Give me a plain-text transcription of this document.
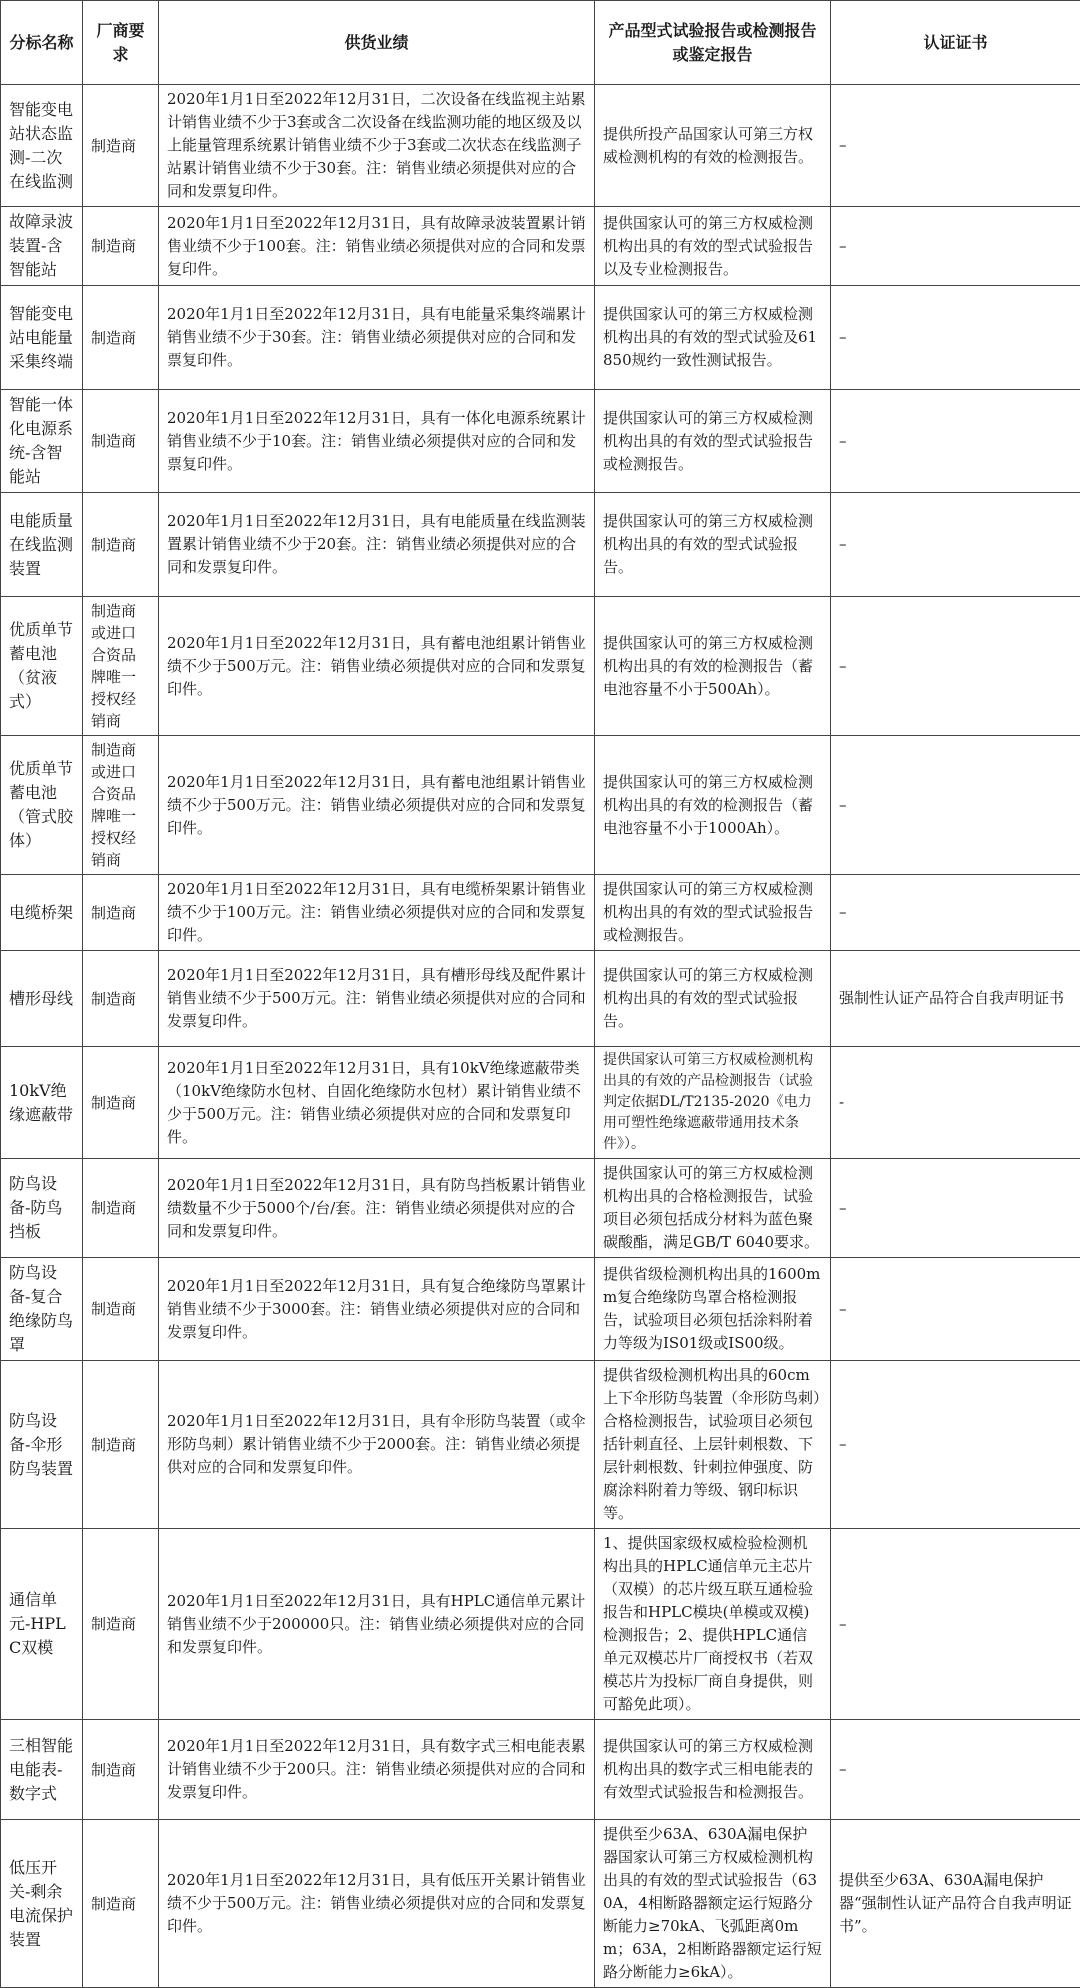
分标名称	厂商要求	供货业绩	产品型式试验报告或检测报告或鉴定报告	认证证书
智能变电站状态监测-二次在线监测	制造商	2020年1月1日至2022年12月31日，二次设备在线监视主站累计销售业绩不少于3套或含二次设备在线监测功能的地区级及以上能量管理系统累计销售业绩不少于3套或二次状态在线监测子站累计销售业绩不少于30套。注：销售业绩必须提供对应的合同和发票复印件。	提供所投产品国家认可第三方权威检测机构的有效的检测报告。	–
故障录波装置-含智能站	制造商	2020年1月1日至2022年12月31日，具有故障录波装置累计销售业绩不少于100套。注：销售业绩必须提供对应的合同和发票复印件。	提供国家认可的第三方权威检测机构出具的有效的型式试验报告以及专业检测报告。	–
智能变电站电能量采集终端	制造商	2020年1月1日至2022年12月31日，具有电能量采集终端累计销售业绩不少于30套。注：销售业绩必须提供对应的合同和发票复印件。	提供国家认可的第三方权威检测机构出具的有效的型式试验及61850规约一致性测试报告。	–
智能一体化电源系统-含智能站	制造商	2020年1月1日至2022年12月31日，具有一体化电源系统累计销售业绩不少于10套。注：销售业绩必须提供对应的合同和发票复印件。	提供国家认可的第三方权威检测机构出具的有效的型式试验报告或检测报告。	–
电能质量在线监测装置	制造商	2020年1月1日至2022年12月31日，具有电能质量在线监测装置累计销售业绩不少于20套。注：销售业绩必须提供对应的合同和发票复印件。	提供国家认可的第三方权威检测机构出具的有效的型式试验报告。	–
优质单节蓄电池（贫液式）	制造商或进口合资品牌唯一授权经销商	2020年1月1日至2022年12月31日，具有蓄电池组累计销售业绩不少于500万元。注：销售业绩必须提供对应的合同和发票复印件。	提供国家认可的第三方权威检测机构出具的有效的检测报告（蓄电池容量不小于500Ah）。	–
优质单节蓄电池（管式胶体）	制造商或进口合资品牌唯一授权经销商	2020年1月1日至2022年12月31日，具有蓄电池组累计销售业绩不少于500万元。注：销售业绩必须提供对应的合同和发票复印件。	提供国家认可的第三方权威检测机构出具的有效的检测报告（蓄电池容量不小于1000Ah）。	–
电缆桥架	制造商	2020年1月1日至2022年12月31日，具有电缆桥架累计销售业绩不少于100万元。注：销售业绩必须提供对应的合同和发票复印件。	提供国家认可的第三方权威检测机构出具的有效的型式试验报告或检测报告。	–
槽形母线	制造商	2020年1月1日至2022年12月31日，具有槽形母线及配件累计销售业绩不少于500万元。注：销售业绩必须提供对应的合同和发票复印件。	提供国家认可的第三方权威检测机构出具的有效的型式试验报告。	强制性认证产品符合自我声明证书
10kV绝缘遮蔽带	制造商	2020年1月1日至2022年12月31日，具有10kV绝缘遮蔽带类（10kV绝缘防水包材、自固化绝缘防水包材）累计销售业绩不少于500万元。注：销售业绩必须提供对应的合同和发票复印件。	提供国家认可第三方权威检测机构出具的有效的产品检测报告（试验判定依据DL/T2135-2020《电力用可塑性绝缘遮蔽带通用技术条件》）。	-
防鸟设备-防鸟挡板	制造商	2020年1月1日至2022年12月31日，具有防鸟挡板累计销售业绩数量不少于5000个/台/套。注：销售业绩必须提供对应的合同和发票复印件。	提供国家认可的第三方权威检测机构出具的合格检测报告，试验项目必须包括成分材料为蓝色聚碳酸酯，满足GB/T 6040要求。	–
防鸟设备-复合绝缘防鸟罩	制造商	2020年1月1日至2022年12月31日，具有复合绝缘防鸟罩累计销售业绩不少于3000套。注：销售业绩必须提供对应的合同和发票复印件。	提供省级检测机构出具的1600mm复合绝缘防鸟罩合格检测报告，试验项目必须包括涂料附着力等级为IS01级或IS00级。	–
防鸟设备-伞形防鸟装置	制造商	2020年1月1日至2022年12月31日，具有伞形防鸟装置（或伞形防鸟刺）累计销售业绩不少于2000套。注：销售业绩必须提供对应的合同和发票复印件。	提供省级检测机构出具的60cm上下伞形防鸟装置（伞形防鸟刺）合格检测报告，试验项目必须包括针刺直径、上层针刺根数、下层针刺根数、针刺拉伸强度、防腐涂料附着力等级、钢印标识等。	–
通信单元-HPLC双模	制造商	2020年1月1日至2022年12月31日，具有HPLC通信单元累计销售业绩不少于200000只。注：销售业绩必须提供对应的合同和发票复印件。	1、提供国家级权威检验检测机构出具的HPLC通信单元主芯片（双模）的芯片级互联互通检验报告和HPLC模块(单模或双模)检测报告；2、提供HPLC通信单元双模芯片厂商授权书（若双模芯片为投标厂商自身提供，则可豁免此项）。	–
三相智能电能表-数字式	制造商	2020年1月1日至2022年12月31日，具有数字式三相电能表累计销售业绩不少于200只。注：销售业绩必须提供对应的合同和发票复印件。	提供国家认可的第三方权威检测机构出具的数字式三相电能表的有效型式试验报告和检测报告。	–
低压开关-剩余电流保护装置	制造商	2020年1月1日至2022年12月31日，具有低压开关累计销售业绩不少于500万元。注：销售业绩必须提供对应的合同和发票复印件。	提供至少63A、630A漏电保护器国家认可第三方权威检测机构出具的有效的型式试验报告（630A，4相断路器额定运行短路分断能力≥70kA、飞弧距离0mm；63A，2相断路器额定运行短路分断能力≥6kA）。	提供至少63A、630A漏电保护器“强制性认证产品符合自我声明证书”。
